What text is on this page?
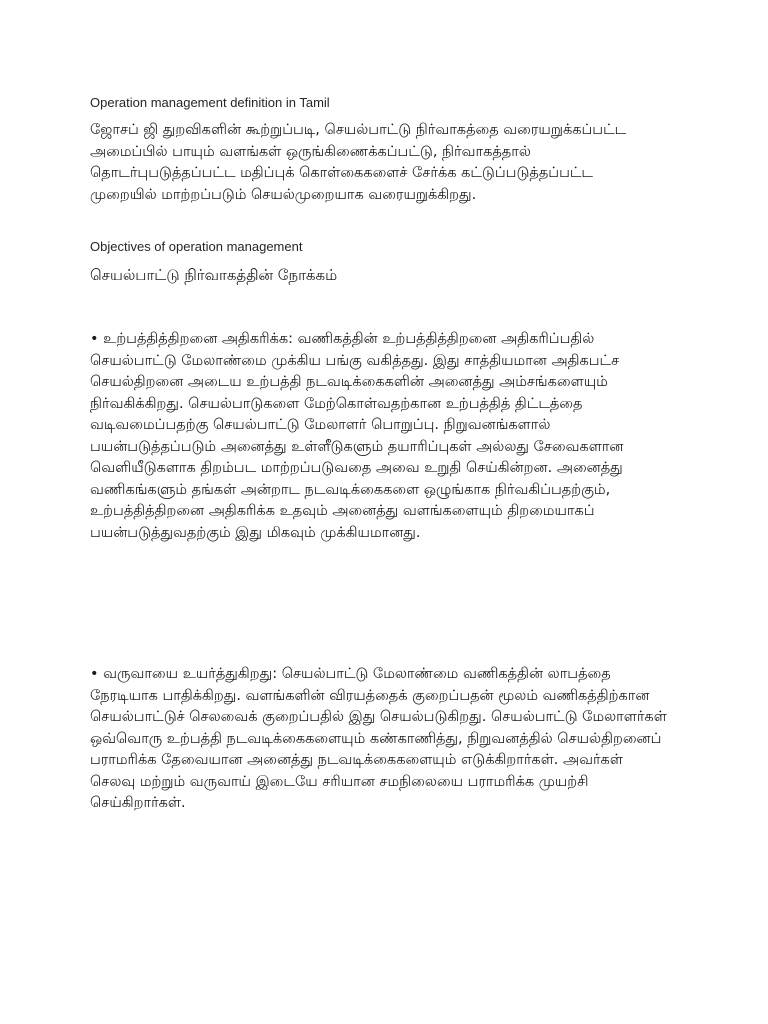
Operation management definition in Tamil

ஜோசப் ஜி துறவிகளின் கூற்றுப்படி, செயல்பாட்டு நிர்வாகத்தை வரையறுக்கப்பட்ட அமைப்பில் பாயும் வளங்கள் ஒருங்கிணைக்கப்பட்டு, நிர்வாகத்தால் தொடர்புபடுத்தப்பட்ட மதிப்புக் கொள்கைகளைச் சேர்க்க கட்டுப்படுத்தப்பட்ட முறையில் மாற்றப்படும் செயல்முறையாக வரையறுக்கிறது.

Objectives of operation management

செயல்பாட்டு நிர்வாகத்தின் நோக்கம்

• உற்பத்தித்திறனை அதிகரிக்க: வணிகத்தின் உற்பத்தித்திறனை அதிகரிப்பதில் செயல்பாட்டு மேலாண்மை முக்கிய பங்கு வகித்தது. இது சாத்தியமான அதிகபட்ச செயல்திறனை அடைய உற்பத்தி நடவடிக்கைகளின் அனைத்து அம்சங்களையும் நிர்வகிக்கிறது. செயல்பாடுகளை மேற்கொள்வதற்கான உற்பத்தித் திட்டத்தை வடிவமைப்பதற்கு செயல்பாட்டு மேலாளர் பொறுப்பு. நிறுவனங்களால் பயன்படுத்தப்படும் அனைத்து உள்ளீடுகளும் தயாரிப்புகள் அல்லது சேவைகளான வெளியீடுகளாக திறம்பட மாற்றப்படுவதை அவை உறுதி செய்கின்றன. அனைத்து வணிகங்களும் தங்கள் அன்றாட நடவடிக்கைகளை ஒழுங்காக நிர்வகிப்பதற்கும், உற்பத்தித்திறனை அதிகரிக்க உதவும் அனைத்து வளங்களையும் திறமையாகப் பயன்படுத்துவதற்கும் இது மிகவும் முக்கியமானது.

• வருவாயை உயர்த்துகிறது: செயல்பாட்டு மேலாண்மை வணிகத்தின் லாபத்தை நேரடியாக பாதிக்கிறது. வளங்களின் விரயத்தைக் குறைப்பதன் மூலம் வணிகத்திற்கான செயல்பாட்டுச் செலவைக் குறைப்பதில் இது செயல்படுகிறது. செயல்பாட்டு மேலாளர்கள் ஒவ்வொரு உற்பத்தி நடவடிக்கைகளையும் கண்காணித்து, நிறுவனத்தில் செயல்திறனைப் பராமரிக்க தேவையான அனைத்து நடவடிக்கைகளையும் எடுக்கிறார்கள். அவர்கள் செலவு மற்றும் வருவாய் இடையே சரியான சமநிலையை பராமரிக்க முயற்சி செய்கிறார்கள்.
